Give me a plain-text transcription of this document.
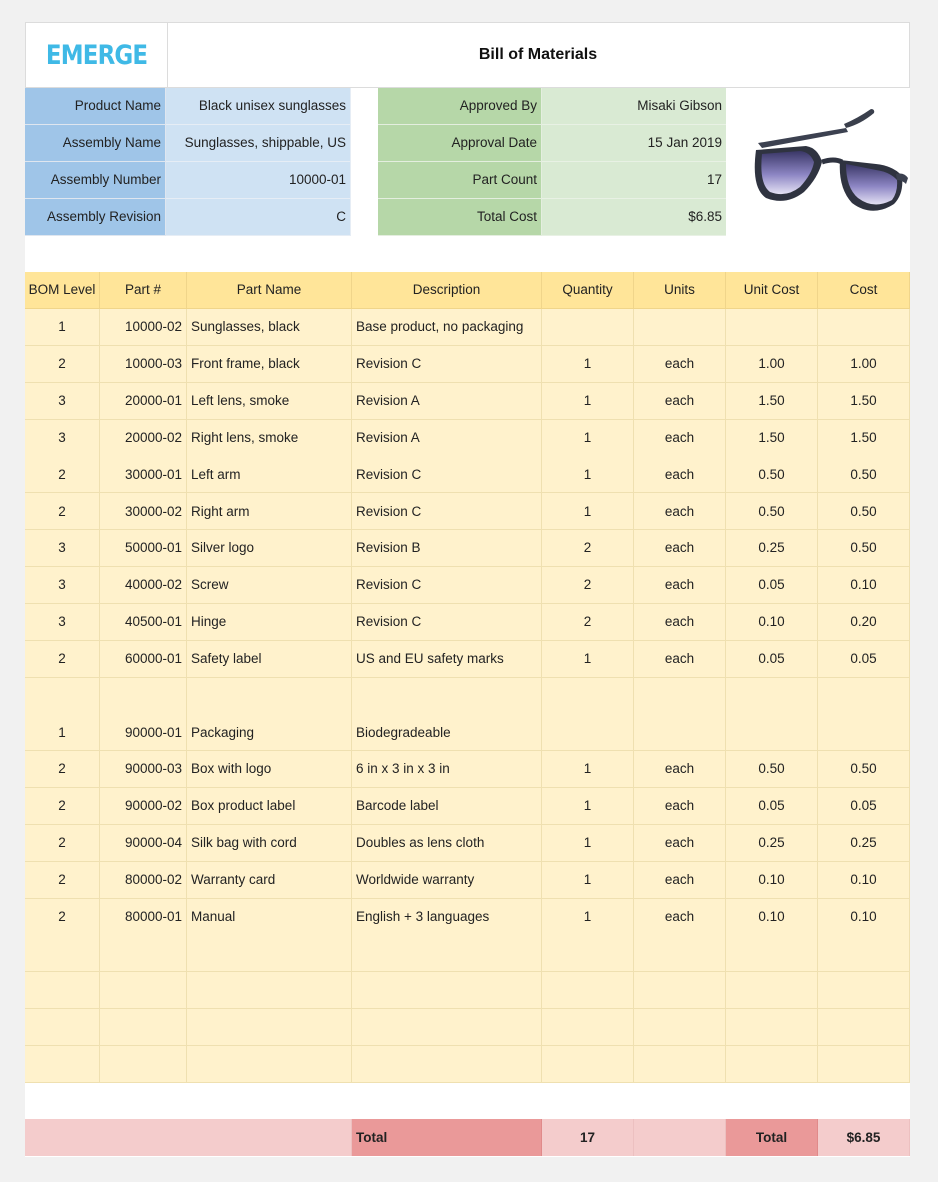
EMERGE	Bill of Materials
Product Name	Black unisex sunglasses
Assembly Name	Sunglasses, shippable, US
Assembly Number	10000-01
Assembly Revision	C
Approved By	Misaki Gibson
Approval Date	15 Jan 2019
Part Count	17
Total Cost	$6.85
BOM Level	Part #	Part Name	Description	Quantity	Units	Unit Cost	Cost
1	10000-02 Sunglasses, black	Base product, no packaging
2	10000-03 Front frame, black	Revision C	1	each	1.00	1.00
3	20000-01 Left lens, smoke	Revision A	1	each	1.50	1.50
3	20000-02 Right lens, smoke	Revision A	1	each	1.50	1.50
2	30000-01 Left arm	Revision C	1	each	0.50	0.50
2	30000-02 Right arm	Revision C	1	each	0.50	0.50
3	50000-01 Silver logo	Revision B	2	each	0.25	0.50
3	40000-02 Screw	Revision C	2	each	0.05	0.10
3	40500-01 Hinge	Revision C	2	each	0.10	0.20
2	60000-01 Safety label	US and EU safety marks	1	each	0.05	0.05
1	90000-01 Packaging	Biodegradeable
2	90000-03 Box with logo	6 in x 3 in x 3 in	1	each	0.50	0.50
2	90000-02 Box product label	Barcode label	1	each	0.05	0.05
2	90000-04 Silk bag with cord	Doubles as lens cloth	1	each	0.25	0.25
2	80000-02 Warranty card	Worldwide warranty	1	each	0.10	0.10
2	80000-01 Manual	English + 3 languages	1	each	0.10	0.10
Total	17	Total	$6.85
